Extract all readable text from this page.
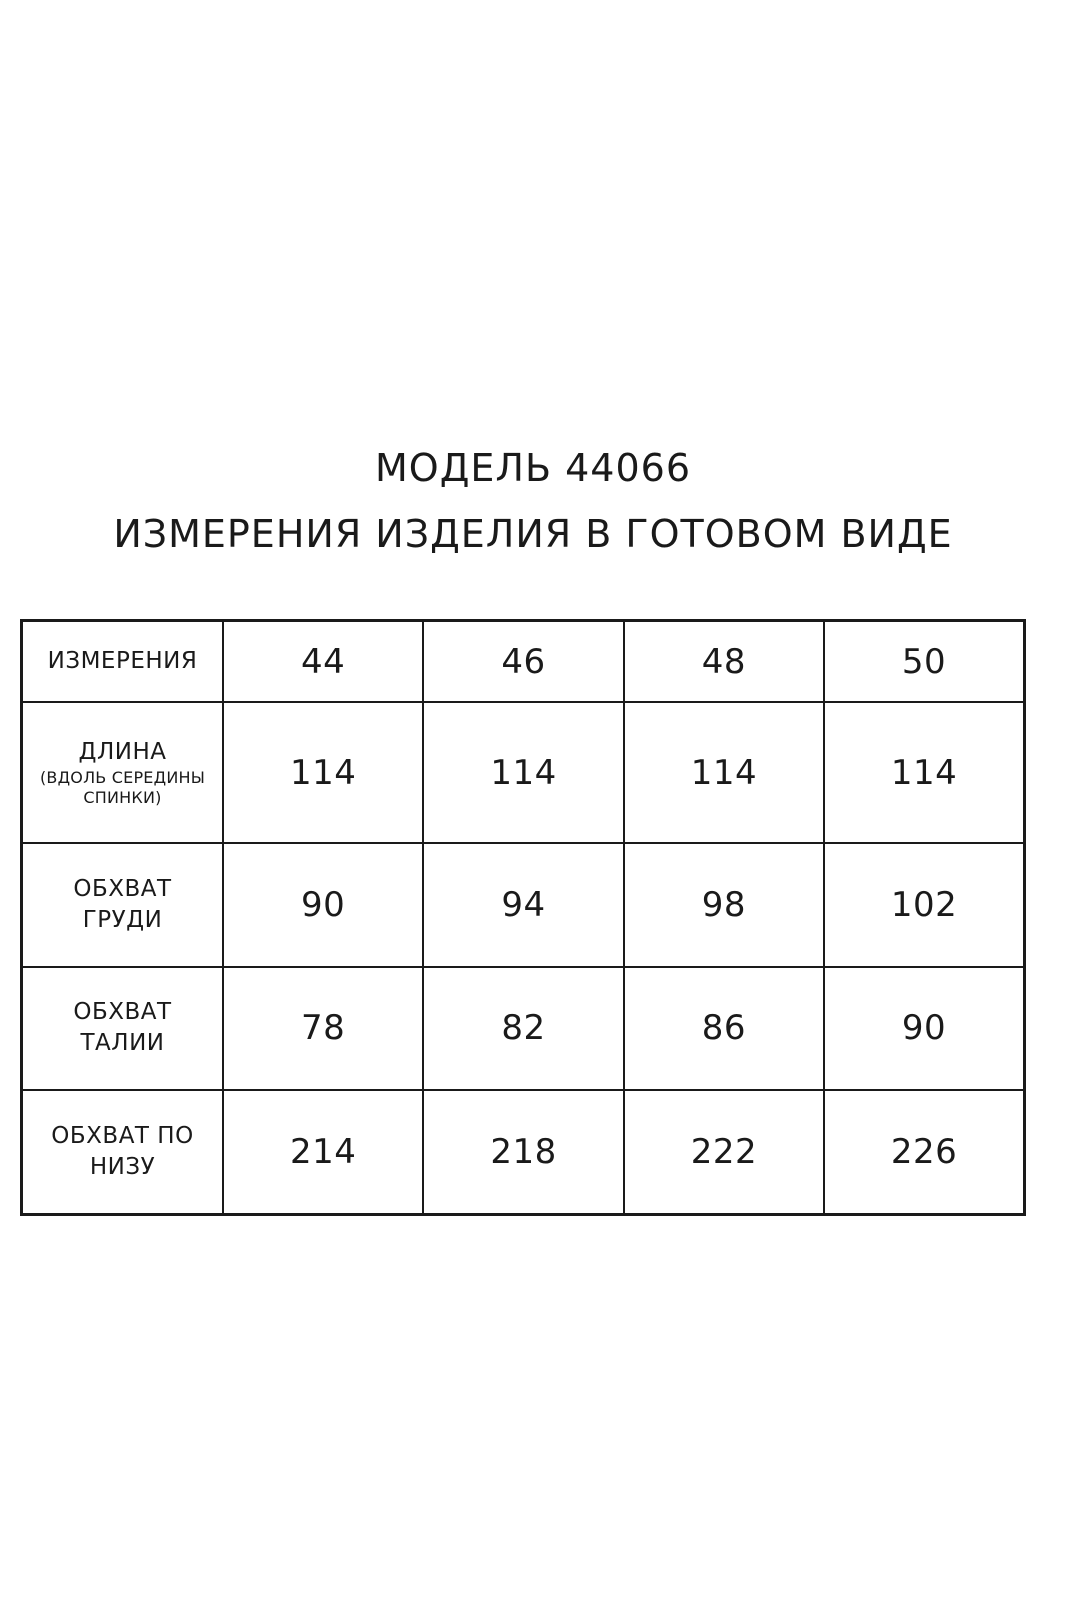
МОДЕЛЬ 44066
ИЗМЕРЕНИЯ ИЗДЕЛИЯ В ГОТОВОМ ВИДЕ
ИЗМЕРЕНИЯ	44	46	48	50

ДЛИНА
(ВДОЛЬ СЕРЕДИНЫ
СПИНКИ)	114	114	114	114

ОБХВАТ
ГРУДИ	90	94	98	102

ОБХВАТ
ТАЛИИ	78	82	86	90

ОБХВАТ ПО
НИЗУ	214	218	222	226
